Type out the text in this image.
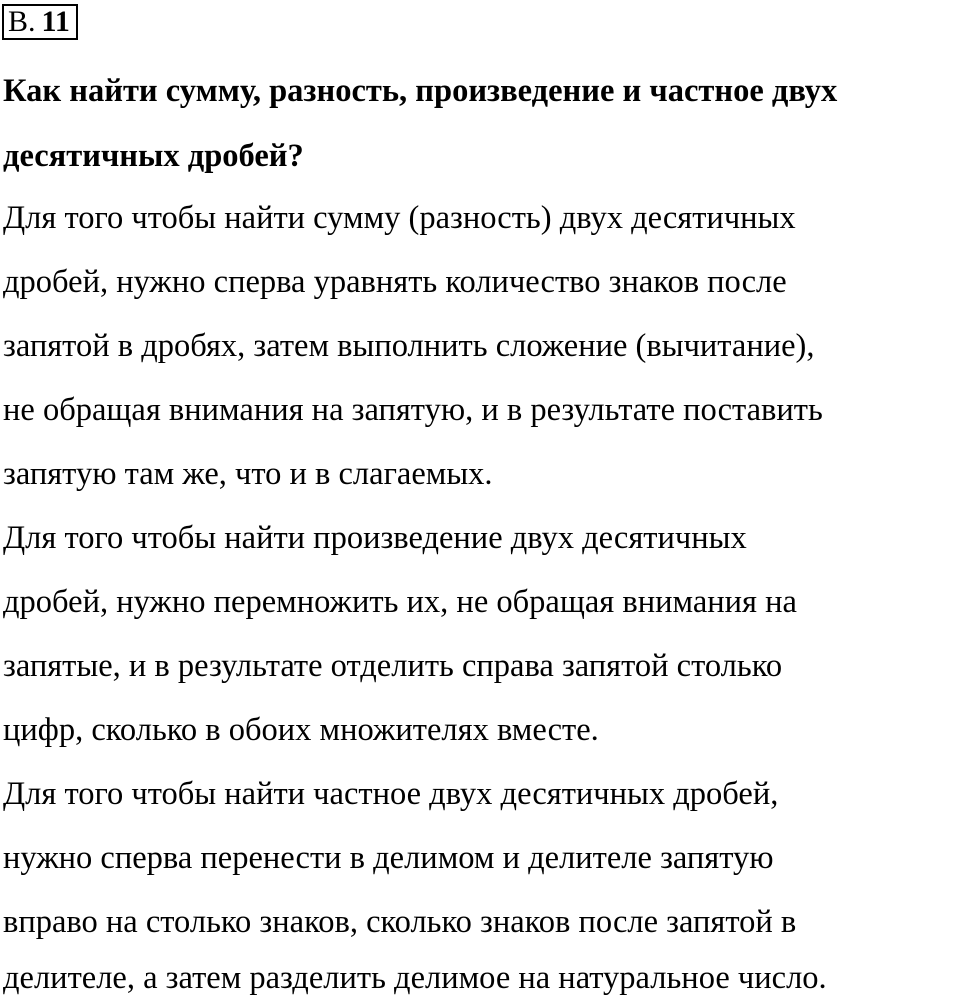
В. 11
Как найти сумму, разность, произведение и частное двух
десятичных дробей?
Для того чтобы найти сумму (разность) двух десятичных
дробей, нужно сперва уравнять количество знаков после
запятой в дробях, затем выполнить сложение (вычитание),
не обращая внимания на запятую, и в результате поставить
запятую там же, что и в слагаемых.
Для того чтобы найти произведение двух десятичных
дробей, нужно перемножить их, не обращая внимания на
запятые, и в результате отделить справа запятой столько
цифр, сколько в обоих множителях вместе.
Для того чтобы найти частное двух десятичных дробей,
нужно сперва перенести в делимом и делителе запятую
вправо на столько знаков, сколько знаков после запятой в
делителе, а затем разделить делимое на натуральное число.
